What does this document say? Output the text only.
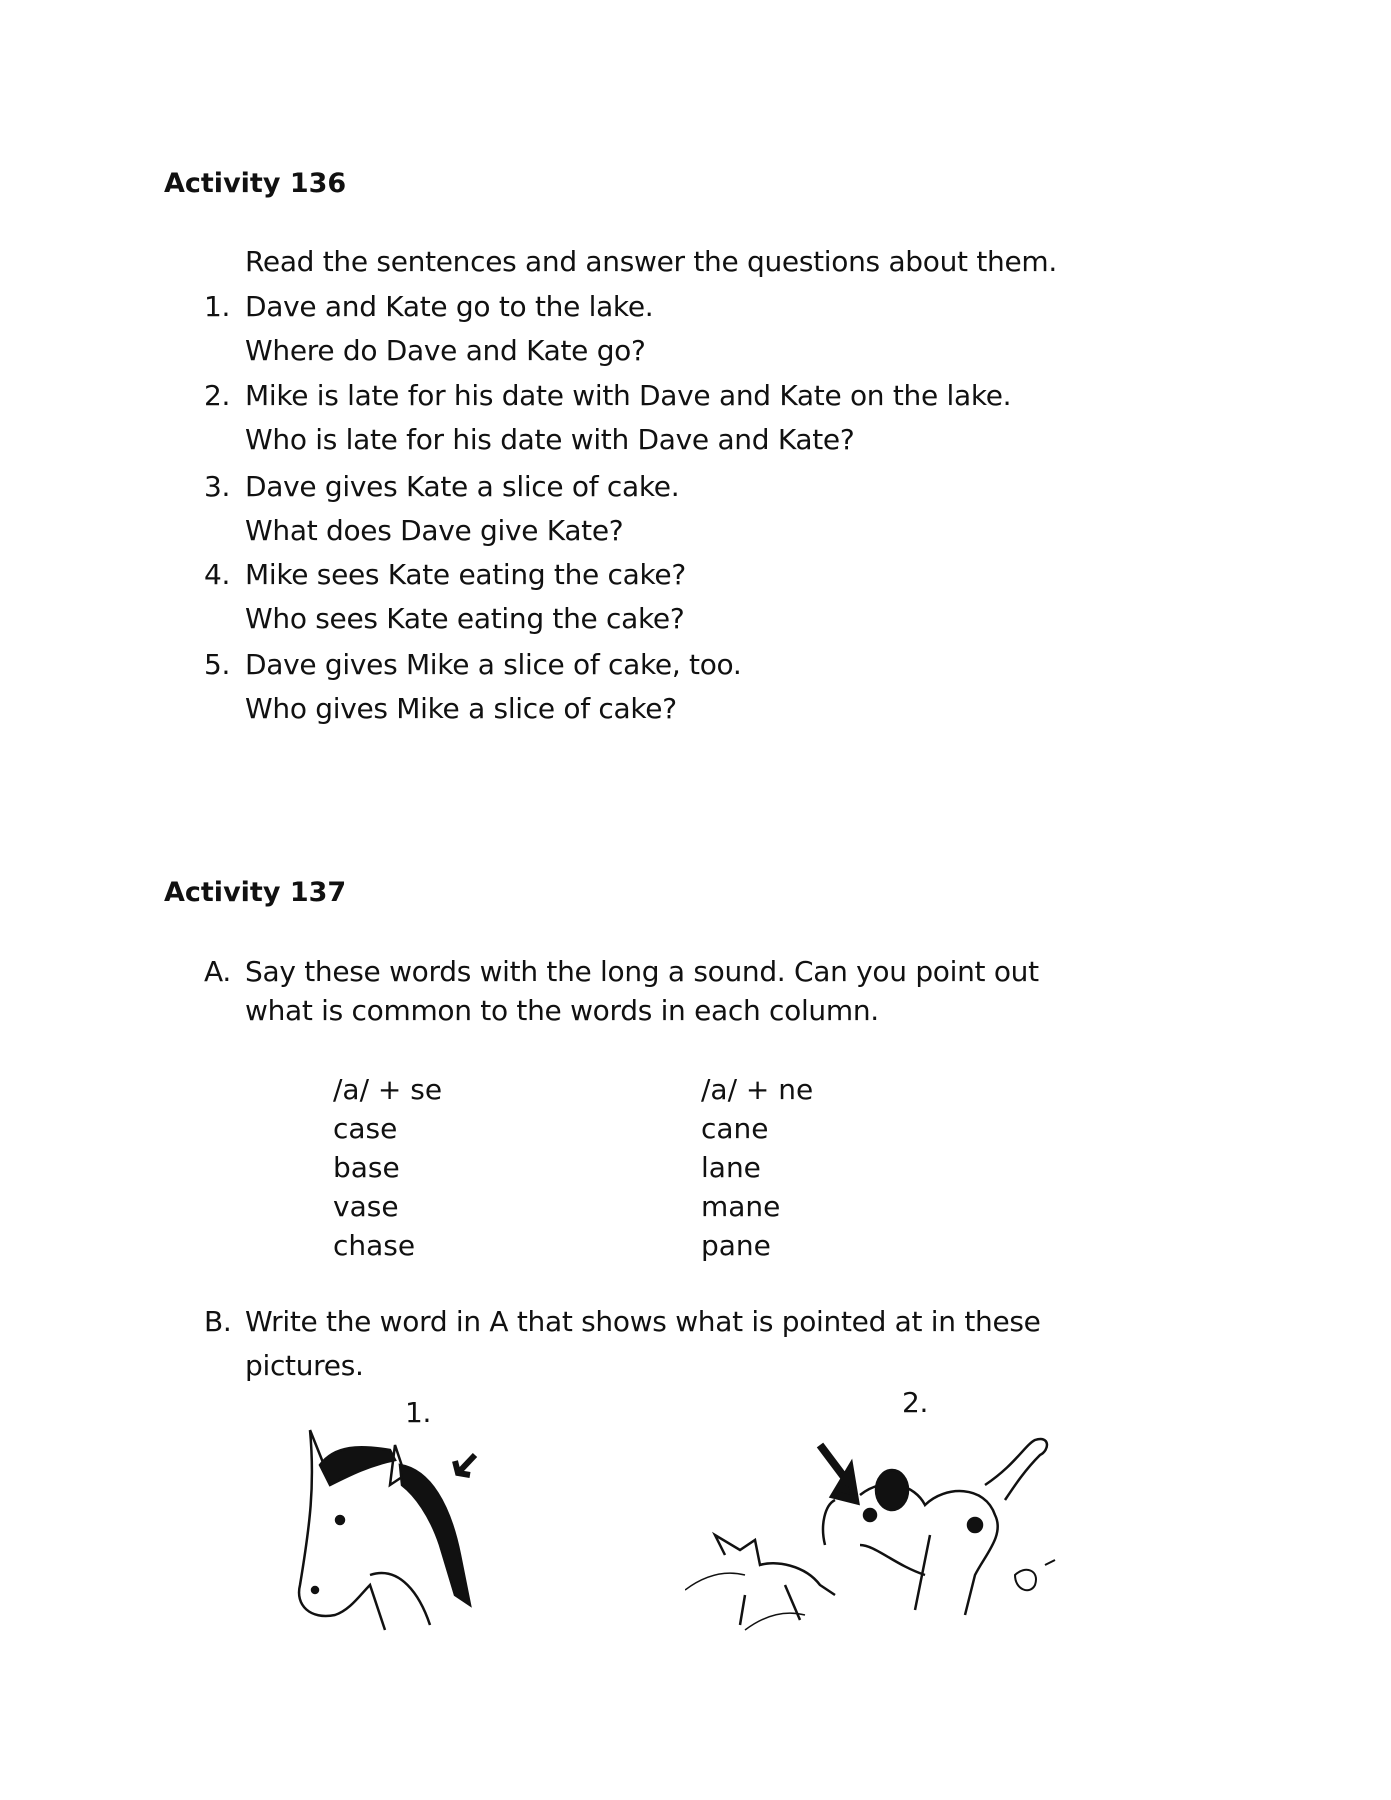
Activity 136
Read the sentences and answer the questions about them.
1. Dave and Kate go to the lake.
Where do Dave and Kate go?
2. Mike is late for his date with Dave and Kate on the lake.
Who is late for his date with Dave and Kate?
3. Dave gives Kate a slice of cake.
What does Dave give Kate?
4. Mike sees Kate eating the cake?
Who sees Kate eating the cake?
5. Dave gives Mike a slice of cake, too.
Who gives Mike a slice of cake?
Activity 137
A. Say these words with the long a sound. Can you point out
what is common to the words in each column.
/a/ + se
case
base
vase
chase
/a/ + ne
cane
lane
mane
pane
B. Write the word in A that shows what is pointed at in these
pictures.
1.	2.
